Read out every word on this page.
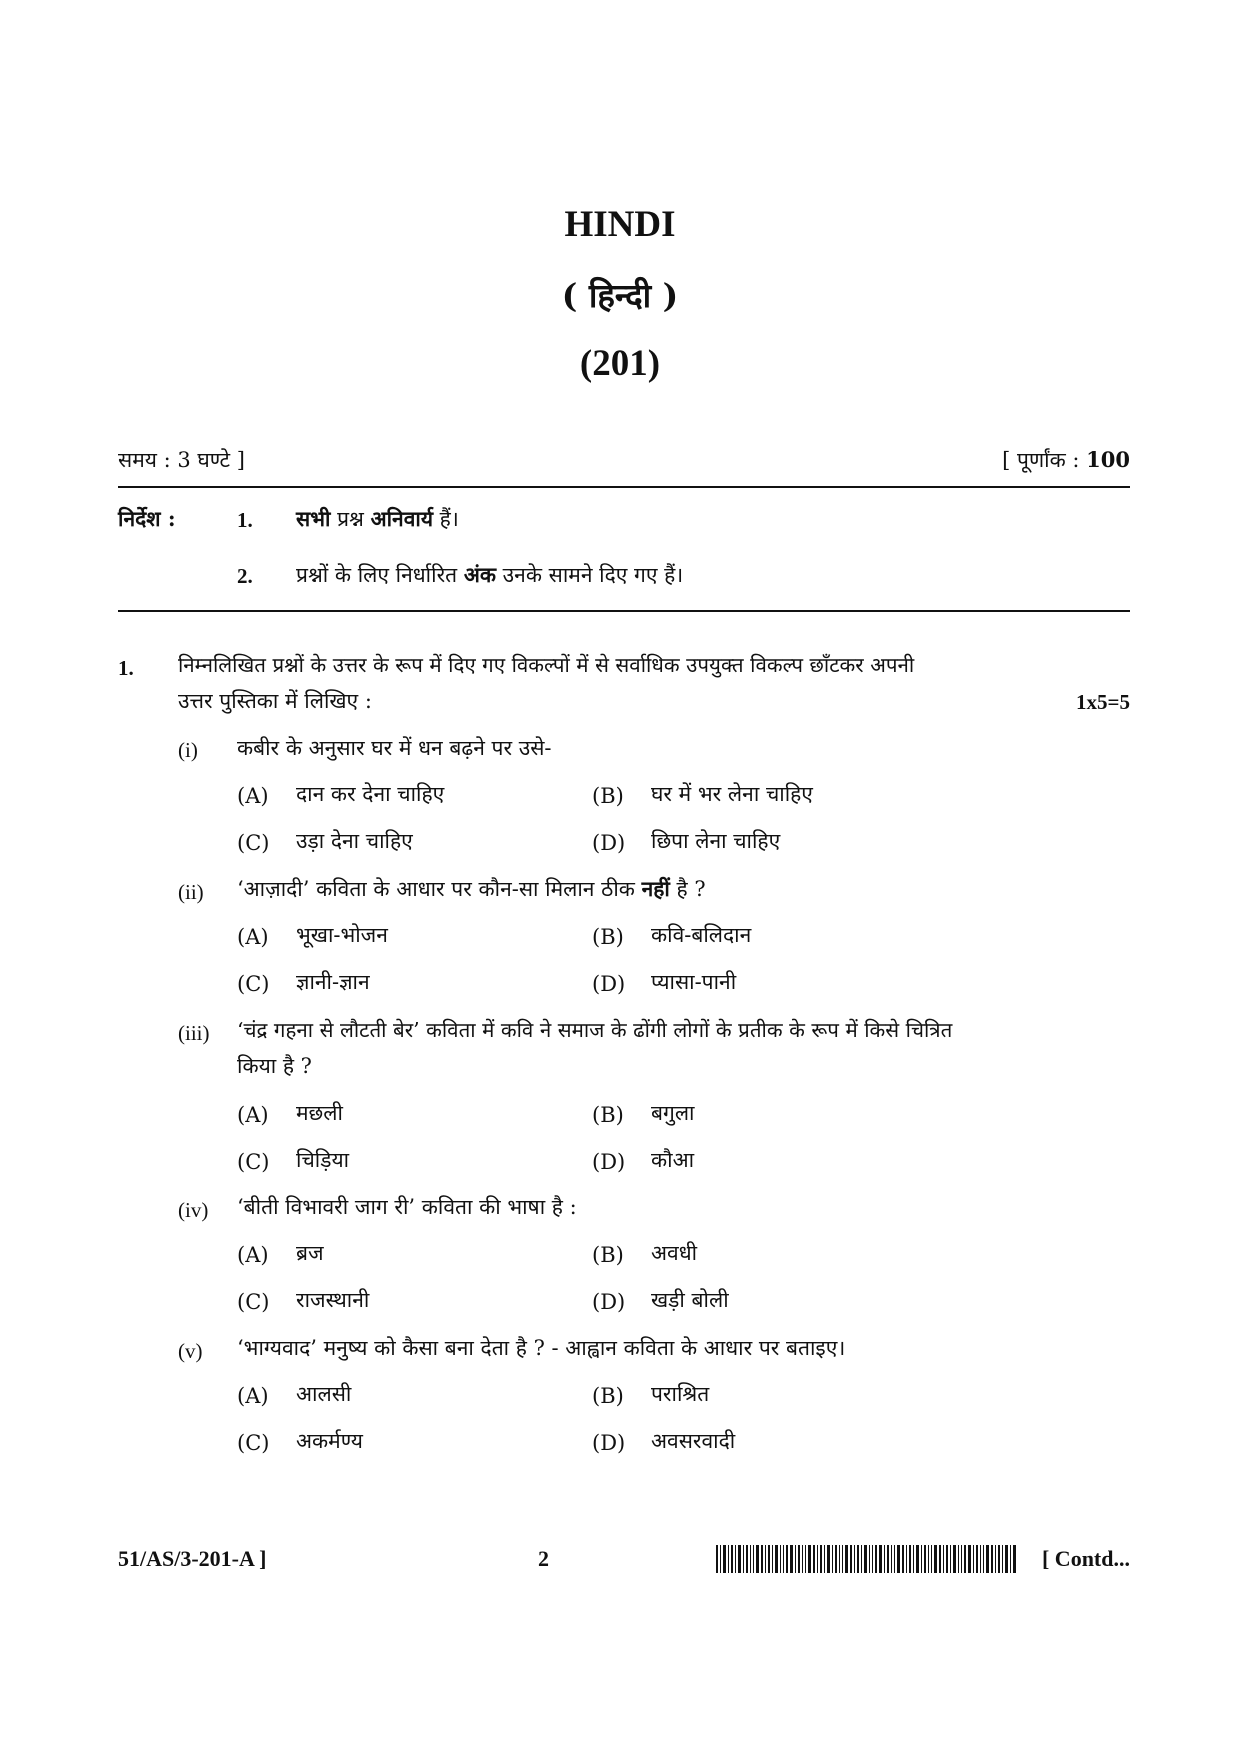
HINDI
( हिन्दी )
(201)
समय : 3 घण्टे ]	[ पूर्णांक : 100
निर्देश :	1. सभी प्रश्न अनिवार्य हैं।
2. प्रश्नों के लिए निर्धारित अंक उनके सामने दिए गए हैं।
1. निम्नलिखित प्रश्नों के उत्तर के रूप में दिए गए विकल्पों में से सर्वाधिक उपयुक्त विकल्प छाँटकर अपनी
उत्तर पुस्तिका में लिखिए :	1x5=5
(i) कबीर के अनुसार घर में धन बढ़ने पर उसे-
(A) दान कर देना चाहिए	(B) घर में भर लेना चाहिए
(C) उड़ा देना चाहिए	(D) छिपा लेना चाहिए
(ii) ‘आज़ादी’ कविता के आधार पर कौन-सा मिलान ठीक नहीं है ?
(A) भूखा-भोजन	(B) कवि-बलिदान
(C) ज्ञानी-ज्ञान	(D) प्यासा-पानी
(iii) ‘चंद्र गहना से लौटती बेर’ कविता में कवि ने समाज के ढोंगी लोगों के प्रतीक के रूप में किसे चित्रित
किया है ?
(A) मछली	(B) बगुला
(C) चिड़िया	(D) कौआ
(iv) ‘बीती विभावरी जाग री’ कविता की भाषा है :
(A) ब्रज	(B) अवधी
(C) राजस्थानी	(D) खड़ी बोली
(v) ‘भाग्यवाद’ मनुष्य को कैसा बना देता है ? - आह्वान कविता के आधार पर बताइए।
(A) आलसी	(B) पराश्रित
(C) अकर्मण्य	(D) अवसरवादी
51/AS/3-201-A ]	2	[ Contd...
